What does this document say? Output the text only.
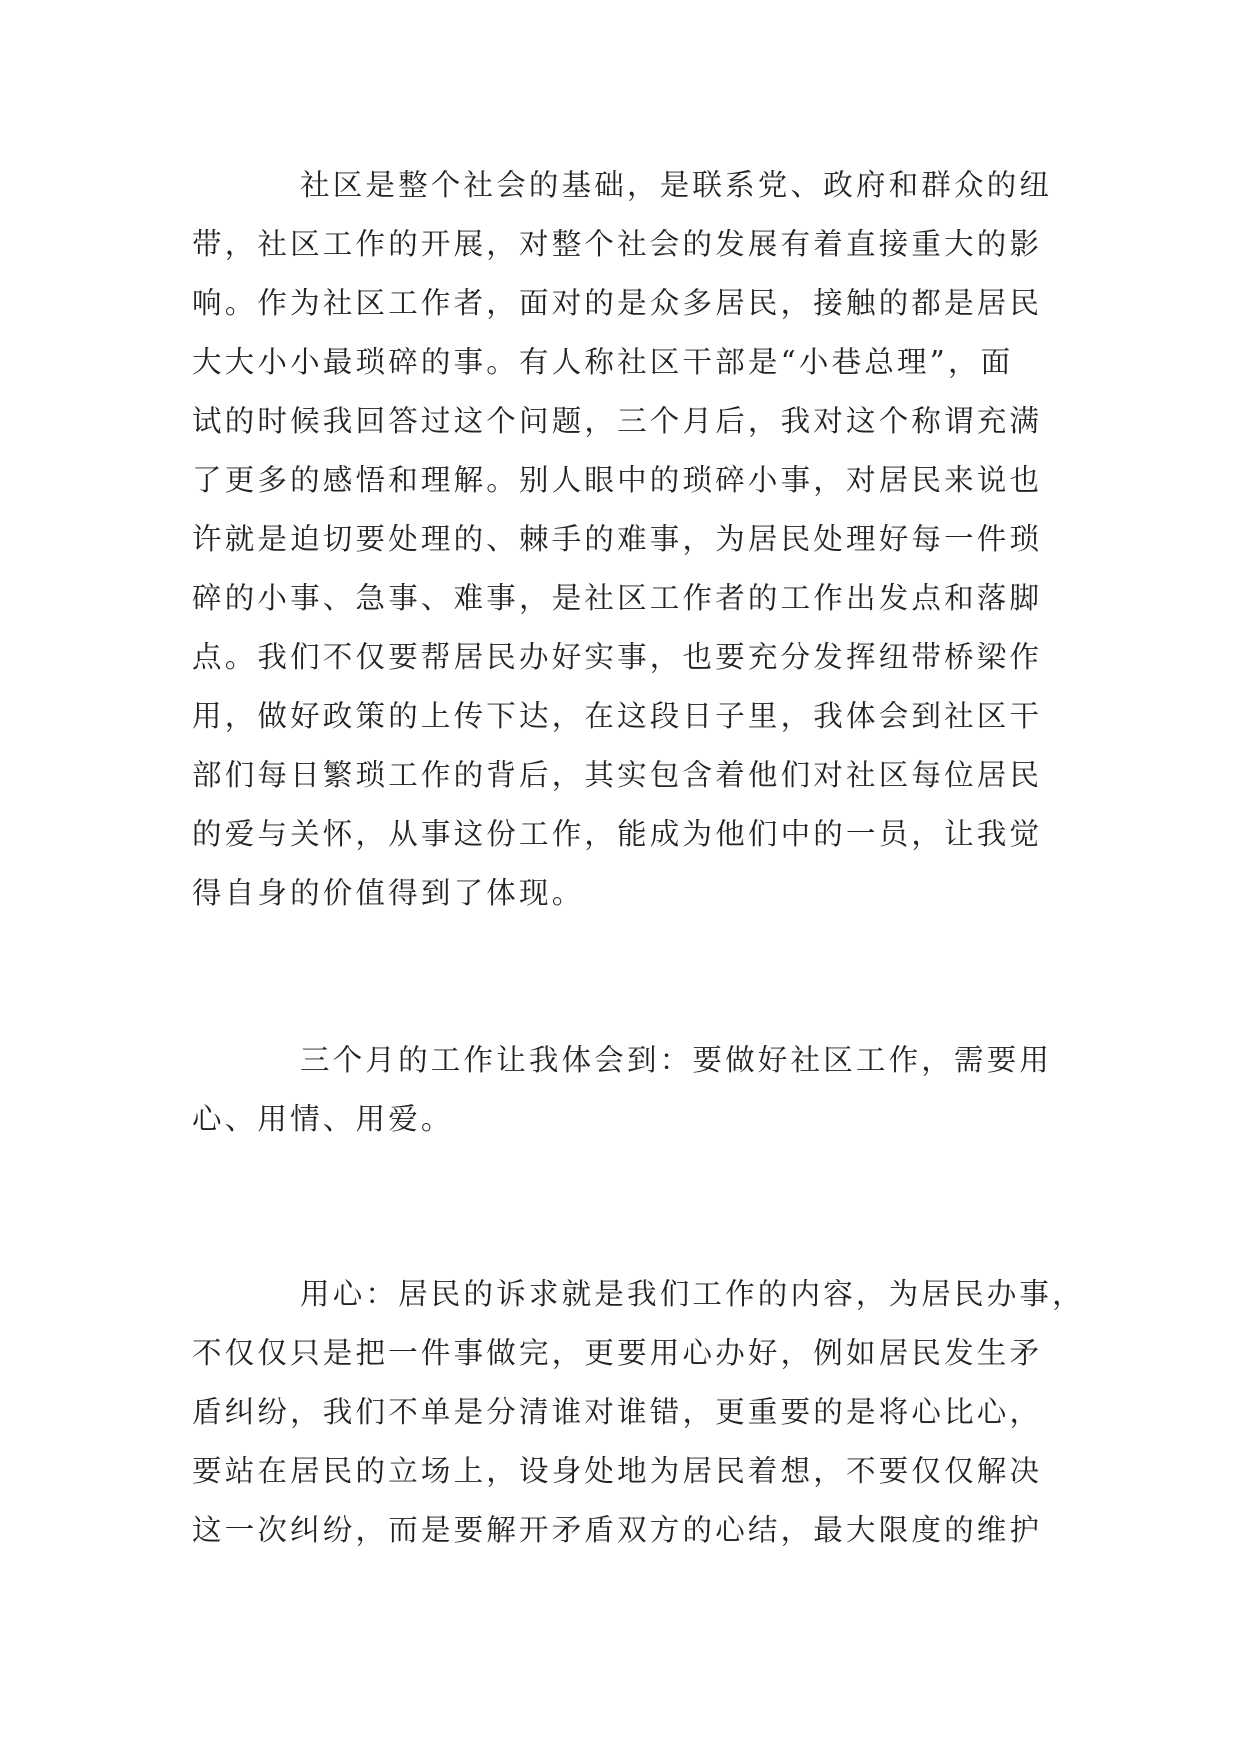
社区是整个社会的基础，是联系党、政府和群众的纽
带，社区工作的开展，对整个社会的发展有着直接重大的影
响。作为社区工作者，面对的是众多居民，接触的都是居民
大大小小最琐碎的事。有人称社区干部是“小巷总理”，面
试的时候我回答过这个问题，三个月后，我对这个称谓充满
了更多的感悟和理解。别人眼中的琐碎小事，对居民来说也
许就是迫切要处理的、棘手的难事，为居民处理好每一件琐
碎的小事、急事、难事，是社区工作者的工作出发点和落脚
点。我们不仅要帮居民办好实事，也要充分发挥纽带桥梁作
用，做好政策的上传下达，在这段日子里，我体会到社区干
部们每日繁琐工作的背后，其实包含着他们对社区每位居民
的爱与关怀，从事这份工作，能成为他们中的一员，让我觉
得自身的价值得到了体现。
三个月的工作让我体会到：要做好社区工作，需要用
心、用情、用爱。
用心：居民的诉求就是我们工作的内容，为居民办事，
不仅仅只是把一件事做完，更要用心办好，例如居民发生矛
盾纠纷，我们不单是分清谁对谁错，更重要的是将心比心，
要站在居民的立场上，设身处地为居民着想，不要仅仅解决
这一次纠纷，而是要解开矛盾双方的心结，最大限度的维护
